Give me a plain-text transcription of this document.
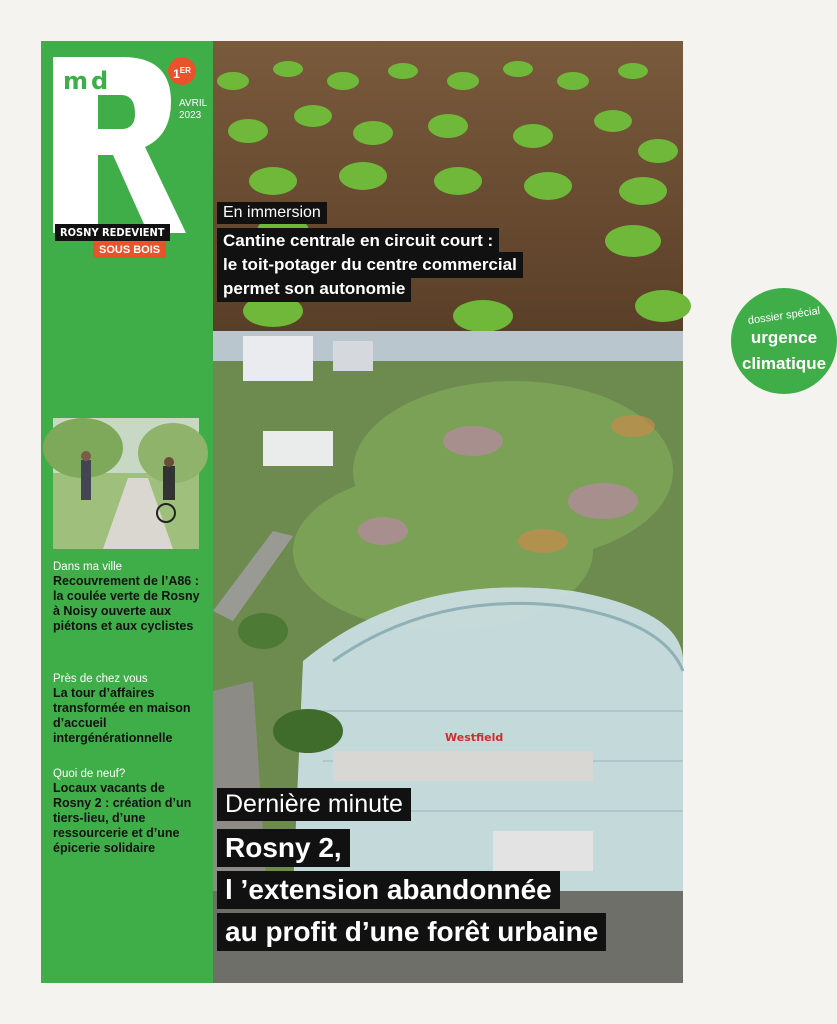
Westfield
dossier spécial
urgence
climatique
md	1ER
AVRIL
2023
ROSNY REDEVIENT
SOUS BOIS
Dans ma ville
Recouvrement de l’A86 : la coulée verte de Rosny à Noisy ouverte aux piétons et aux cyclistes
Près de chez vous
La tour d’affaires transformée en maison d’accueil intergénérationnelle
Quoi de neuf?
Locaux vacants de Rosny 2 : création d’un tiers-lieu, d’une ressourcerie et d’une épicerie solidaire
En immersion
Cantine centrale en circuit court :
le toit-potager du centre commercial
permet son autonomie
Dernière minute
Rosny 2,
l ’extension abandonnée
au profit d’une forêt urbaine
